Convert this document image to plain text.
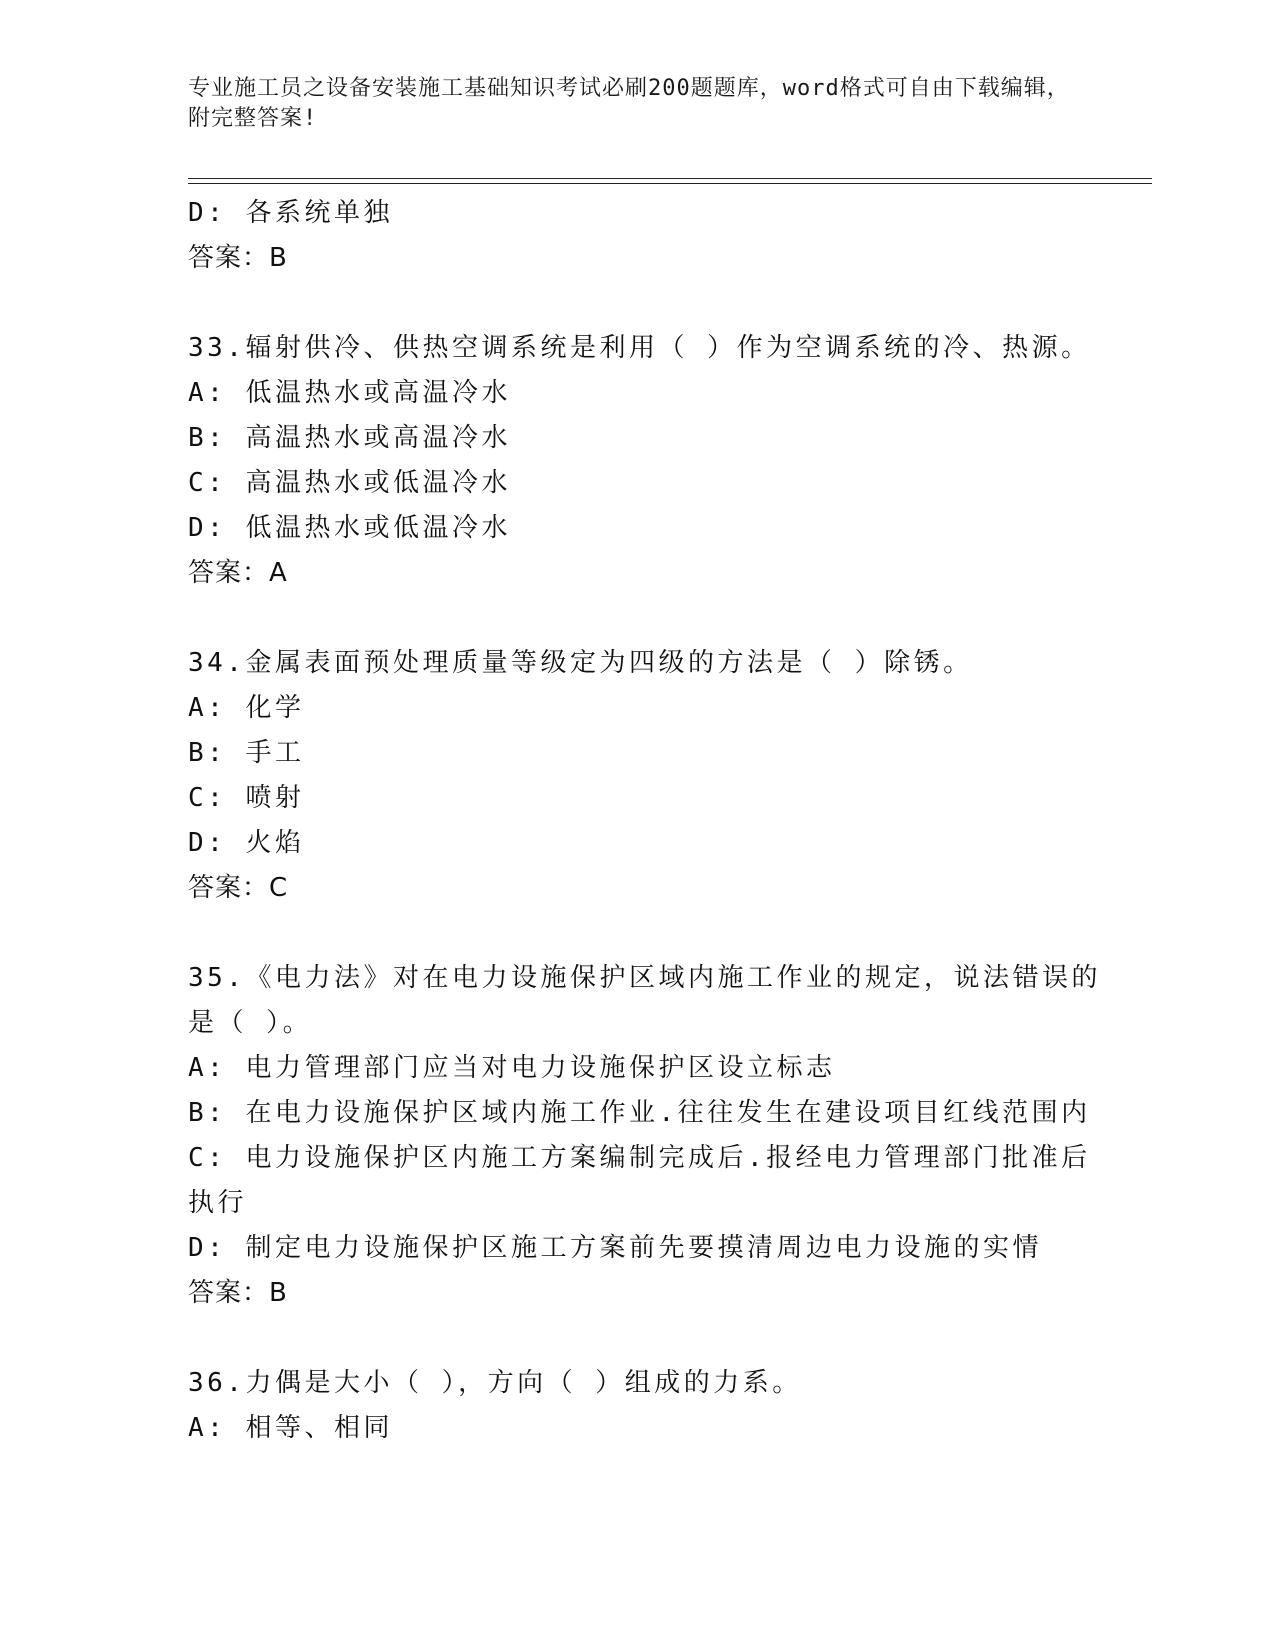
专业施工员之设备安装施工基础知识考试必刷200题题库，word格式可自由下载编辑，附完整答案!
D: 各系统单独
答案：B
33.辐射供冷、供热空调系统是利用（ ）作为空调系统的冷、热源。
A: 低温热水或高温冷水
B: 高温热水或高温冷水
C: 高温热水或低温冷水
D: 低温热水或低温冷水
答案：A
34.金属表面预处理质量等级定为四级的方法是（ ）除锈。
A: 化学
B: 手工
C: 喷射
D: 火焰
答案：C
35.《电力法》对在电力设施保护区域内施工作业的规定，说法错误的
是（ ）。
A: 电力管理部门应当对电力设施保护区设立标志
B: 在电力设施保护区域内施工作业.往往发生在建设项目红线范围内
C: 电力设施保护区内施工方案编制完成后.报经电力管理部门批准后
执行
D: 制定电力设施保护区施工方案前先要摸清周边电力设施的实情
答案：B
36.力偶是大小（ ），方向（ ）组成的力系。
A: 相等、相同
